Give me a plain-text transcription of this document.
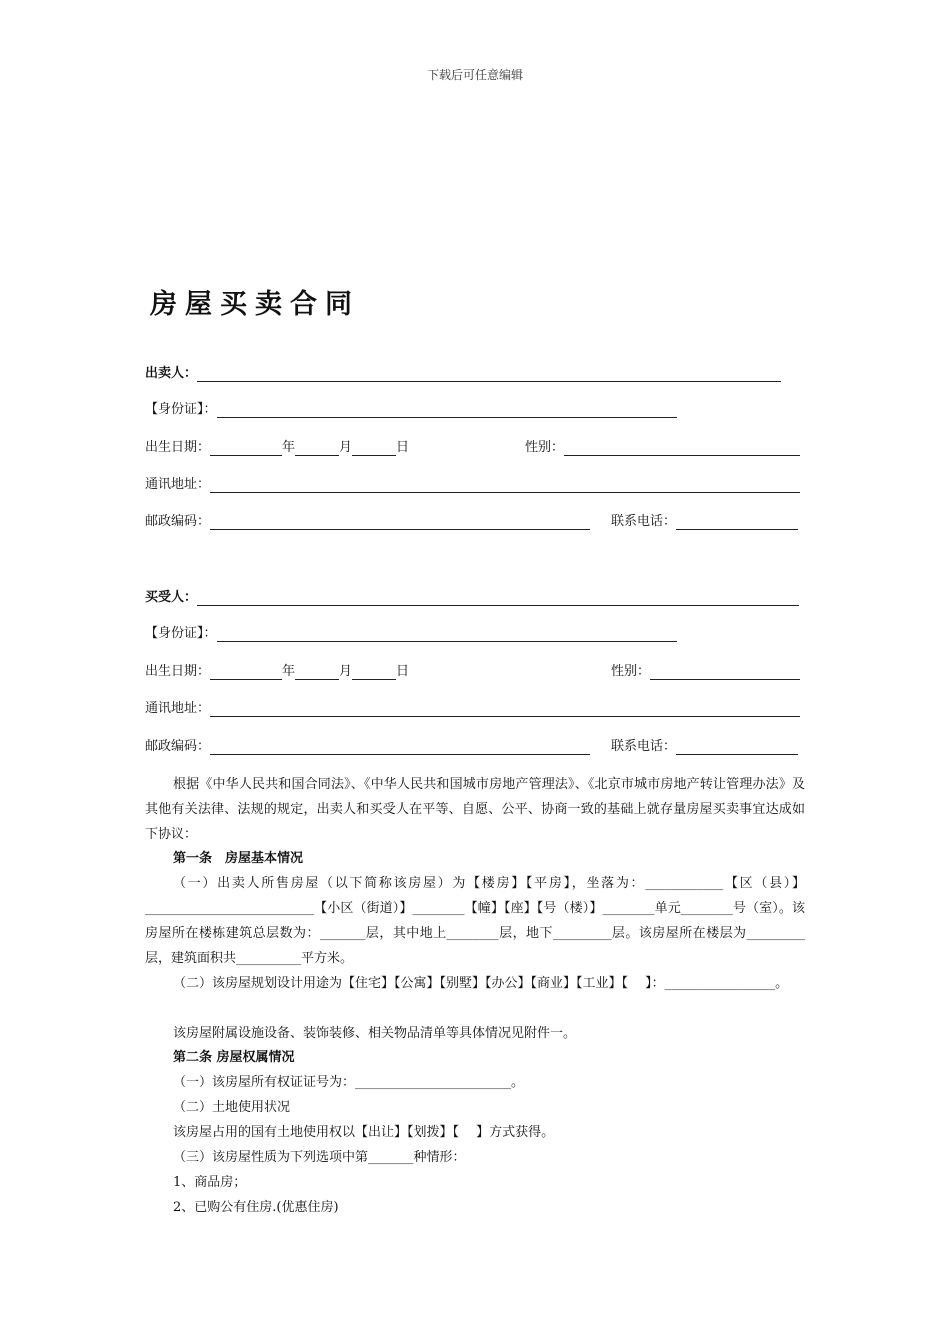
下载后可任意编辑
房屋买卖合同
出卖人：
【身份证】：
出生日期：	年	月	日	性别：
通讯地址：
邮政编码：	联系电话：
买受人：
【身份证】：
出生日期：	年	月	日	性别：
通讯地址：
邮政编码：	联系电话：
根据《中华人民共和国合同法》、《中华人民共和国城市房地产管理法》、《北京市城市房地产转让管理办法》及其他有关法律、法规的规定，出卖人和买受人在平等、自愿、公平、协商一致的基础上就存量房屋买卖事宜达成如下协议：
第一条　房屋基本情况
（一）出卖人所售房屋（以下简称该房屋）为【楼房】【平房】，坐落为：____________【区（县）】__________________________【小区（街道）】________【幢】【座】【号（楼）】________单元________号（室）。该房屋所在楼栋建筑总层数为：_______层，其中地上________层，地下_________层。该房屋所在楼层为_________层，建筑面积共__________平方米。
（二）该房屋规划设计用途为【住宅】【公寓】【别墅】【办公】【商业】【工业】【　 】：_________________。
该房屋附属设施设备、装饰装修、相关物品清单等具体情况见附件一。
第二条 房屋权属情况
（一）该房屋所有权证证号为：________________________。
（二）土地使用状况
该房屋占用的国有土地使用权以【出让】【划拨】【　 】方式获得。
（三）该房屋性质为下列选项中第_______种情形：
1、商品房；
2、已购公有住房.(优惠住房)
